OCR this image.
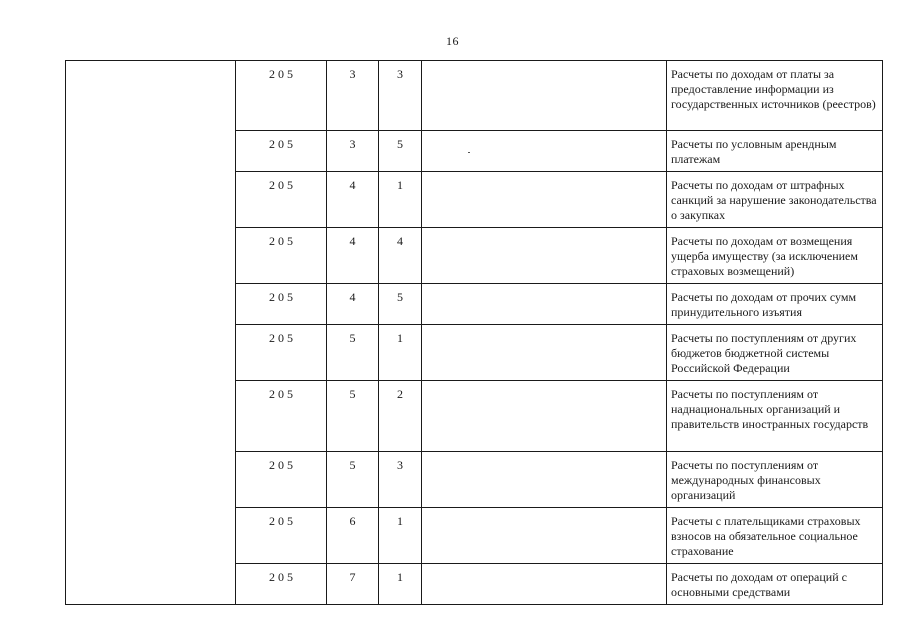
16
	2 0 5	3	3		Расчеты по доходам от платы за предоставление информации из государственных источников (реестров)
	2 0 5	3	5		Расчеты по условным арендным платежам
	2 0 5	4	1		Расчеты по доходам от штрафных санкций за нарушение законодательства о закупках
	2 0 5	4	4		Расчеты по доходам от возмещения ущерба имуществу (за исключением страховых возмещений)
	2 0 5	4	5		Расчеты по доходам от прочих сумм принудительного изъятия
	2 0 5	5	1		Расчеты по поступлениям от других бюджетов бюджетной системы Российской Федерации
	2 0 5	5	2		Расчеты по поступлениям от наднациональных организаций и правительств иностранных государств
	2 0 5	5	3		Расчеты по поступлениям от международных финансовых организаций
	2 0 5	6	1		Расчеты с плательщиками страховых взносов на обязательное социальное страхование
	2 0 5	7	1		Расчеты по доходам от операций с основными средствами
